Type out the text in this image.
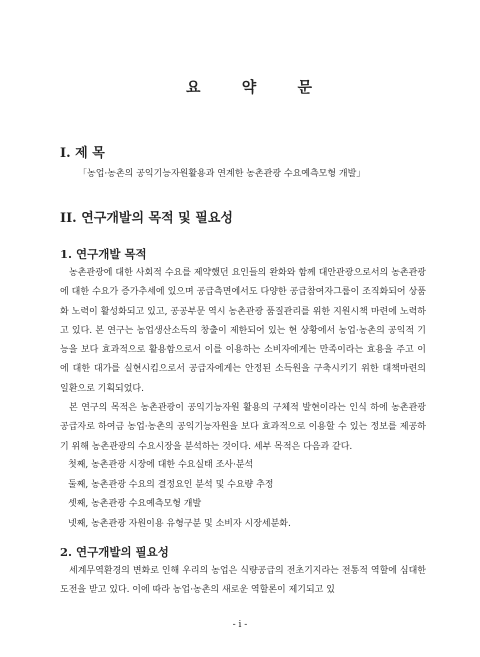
요 약 문
I. 제 목
「농업·농촌의 공익기능자원활용과 연계한 농촌관광 수요예측모형 개발」
II. 연구개발의 목적 및 필요성
1. 연구개발 목적

농촌관광에 대한 사회적 수요를 제약했던 요인들의 완화와 함께 대안관광으로서의 농촌관광에 대한 수요가 증가추세에 있으며 공급측면에서도 다양한 공급참여자그룹이 조직화되어 상품화 노력이 활성화되고 있고, 공공부문 역시 농촌관광 품질관리를 위한 지원시책 마련에 노력하고 있다. 본 연구는 농업생산소득의 창출이 제한되어 있는 현 상황에서 농업·농촌의 공익적 기능을 보다 효과적으로 활용함으로서 이를 이용하는 소비자에게는 만족이라는 효용을 주고 이에 대한 대가를 실현시킴으로서 공급자에게는 안정된 소득원을 구축시키기 위한 대책마련의 일환으로 기획되었다.

본 연구의 목적은 농촌관광이 공익기능자원 활용의 구체적 발현이라는 인식 하에 농촌관광 공급자로 하여금 농업·농촌의 공익기능자원을 보다 효과적으로 이용할 수 있는 정보를 제공하기 위해 농촌관광의 수요시장을 분석하는 것이다. 세부 목적은 다음과 같다.

첫째, 농촌관광 시장에 대한 수요실태 조사·분석
둘째, 농촌관광 수요의 결정요인 분석 및 수요량 추정
셋째, 농촌관광 수요예측모형 개발
넷째, 농촌관광 자원이용 유형구분 및 소비자 시장세분화.
2. 연구개발의 필요성

세계무역환경의 변화로 인해 우리의 농업은 식량공급의 전초기지라는 전통적 역할에 심대한 도전을 받고 있다. 이에 따라 농업·농촌의 새로운 역할론이 제기되고 있

- i -
